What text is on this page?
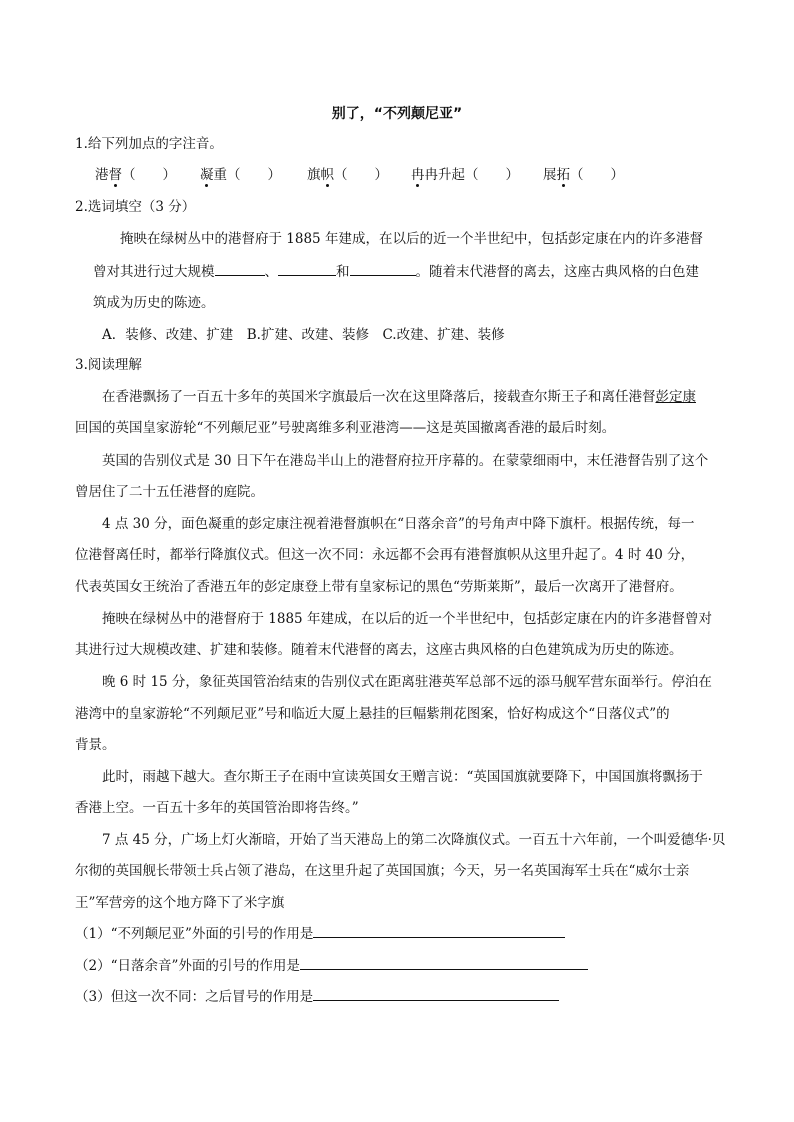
别了，“不列颠尼亚”
1.给下列加点的字注音。
港督（　　） 凝重（　　） 旗帜（　　） 冉冉升起（　　） 展拓（　　）
2.选词填空（3 分）
掩映在绿树丛中的港督府于 1885 年建成，在以后的近一个半世纪中，包括彭定康在内的许多港督
曾对其进行过大规模	、	和	。随着末代港督的离去，这座古典风格的白色建
筑成为历史的陈迹。
A．装修、改建、扩建　B.扩建、改建、装修　C.改建、扩建、装修
3.阅读理解
在香港飘扬了一百五十多年的英国米字旗最后一次在这里降落后，接载查尔斯王子和离任港督彭定康
回国的英国皇家游轮“不列颠尼亚”号驶离维多利亚港湾——这是英国撤离香港的最后时刻。
英国的告别仪式是 30 日下午在港岛半山上的港督府拉开序幕的。在蒙蒙细雨中，末任港督告别了这个
曾居住了二十五任港督的庭院。
4 点 30 分，面色凝重的彭定康注视着港督旗帜在“日落余音”的号角声中降下旗杆。根据传统，每一
位港督离任时，都举行降旗仪式。但这一次不同：永远都不会再有港督旗帜从这里升起了。4 时 40 分，
代表英国女王统治了香港五年的彭定康登上带有皇家标记的黑色“劳斯莱斯”，最后一次离开了港督府。
掩映在绿树丛中的港督府于 1885 年建成，在以后的近一个半世纪中，包括彭定康在内的许多港督曾对
其进行过大规模改建、扩建和装修。随着末代港督的离去，这座古典风格的白色建筑成为历史的陈迹。
晚 6 时 15 分，象征英国管治结束的告别仪式在距离驻港英军总部不远的添马舰军营东面举行。停泊在
港湾中的皇家游轮“不列颠尼亚”号和临近大厦上悬挂的巨幅紫荆花图案，恰好构成这个“日落仪式”的
背景。
此时，雨越下越大。查尔斯王子在雨中宣读英国女王赠言说：“英国国旗就要降下，中国国旗将飘扬于
香港上空。一百五十多年的英国管治即将告终。”
7 点 45 分，广场上灯火渐暗，开始了当天港岛上的第二次降旗仪式。一百五十六年前，一个叫爱德华·贝
尔彻的英国舰长带领士兵占领了港岛，在这里升起了英国国旗；今天，另一名英国海军士兵在“威尔士亲
王”军营旁的这个地方降下了米字旗
（1）“不列颠尼亚”外面的引号的作用是
（2）“日落余音”外面的引号的作用是
（3）但这一次不同：之后冒号的作用是
